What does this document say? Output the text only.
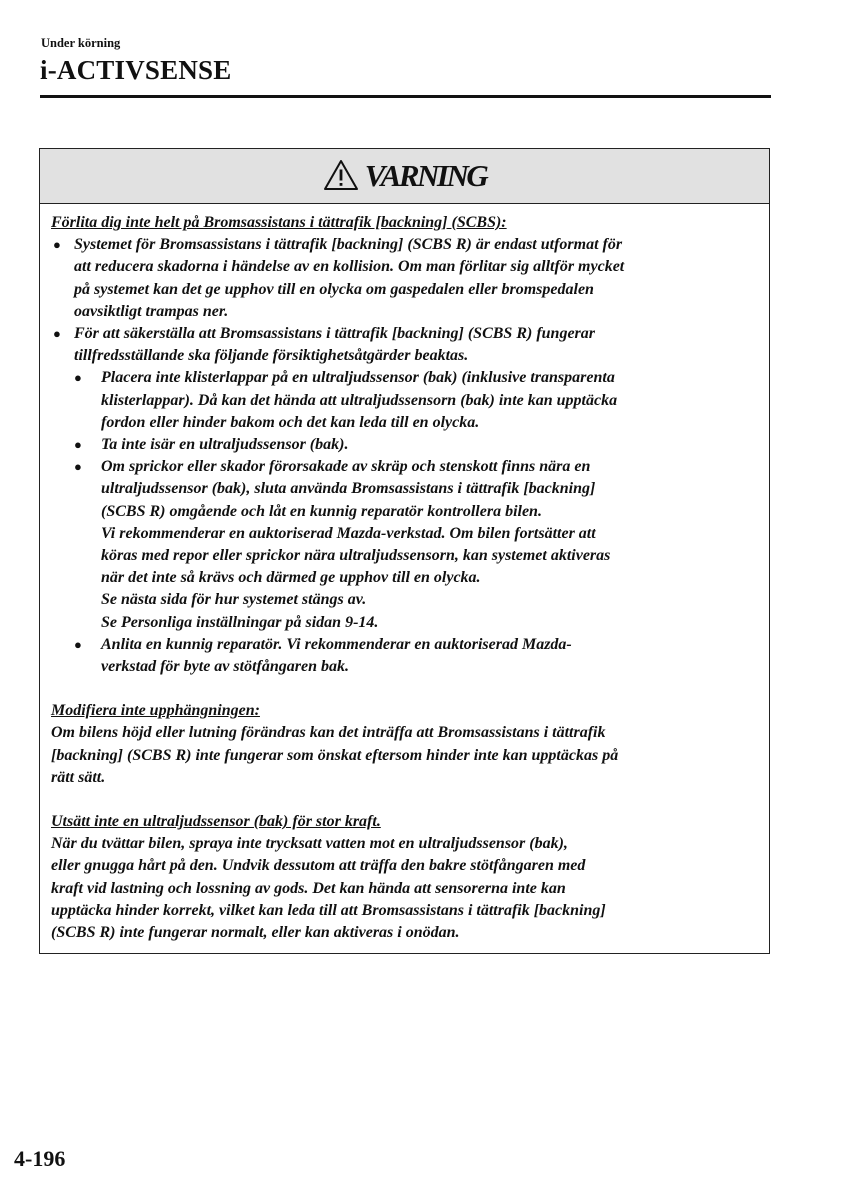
Under körning
i-ACTIVSENSE
VARNING

Förlita dig inte helt på Bromsassistans i tättrafik [backning] (SCBS):

● Systemet för Bromsassistans i tättrafik [backning] (SCBS R) är endast utformat för
att reducera skadorna i händelse av en kollision. Om man förlitar sig alltför mycket
på systemet kan det ge upphov till en olycka om gaspedalen eller bromspedalen
oavsiktligt trampas ner.
● För att säkerställa att Bromsassistans i tättrafik [backning] (SCBS R) fungerar
tillfredsställande ska följande försiktighetsåtgärder beaktas.
●	Placera inte klisterlappar på en ultraljudssensor (bak) (inklusive transparenta
klisterlappar). Då kan det hända att ultraljudssensorn (bak) inte kan upptäcka
fordon eller hinder bakom och det kan leda till en olycka.
●	Ta inte isär en ultraljudssensor (bak).
●	Om sprickor eller skador förorsakade av skräp och stenskott finns nära en
ultraljudssensor (bak), sluta använda Bromsassistans i tättrafik [backning]
(SCBS R) omgående och låt en kunnig reparatör kontrollera bilen.
Vi rekommenderar en auktoriserad Mazda-verkstad. Om bilen fortsätter att
köras med repor eller sprickor nära ultraljudssensorn, kan systemet aktiveras
när det inte så krävs och därmed ge upphov till en olycka.
Se nästa sida för hur systemet stängs av.
Se Personliga inställningar på sidan 9-14.
●	Anlita en kunnig reparatör. Vi rekommenderar en auktoriserad Mazda-
verkstad för byte av stötfångaren bak.

Modifiera inte upphängningen:

Om bilens höjd eller lutning förändras kan det inträffa att Bromsassistans i tättrafik
[backning] (SCBS R) inte fungerar som önskat eftersom hinder inte kan upptäckas på
rätt sätt.

Utsätt inte en ultraljudssensor (bak) för stor kraft.

När du tvättar bilen, spraya inte trycksatt vatten mot en ultraljudssensor (bak),
eller gnugga hårt på den. Undvik dessutom att träffa den bakre stötfångaren med
kraft vid lastning och lossning av gods. Det kan hända att sensorerna inte kan
upptäcka hinder korrekt, vilket kan leda till att Bromsassistans i tättrafik [backning]
(SCBS R) inte fungerar normalt, eller kan aktiveras i onödan.
4-196
